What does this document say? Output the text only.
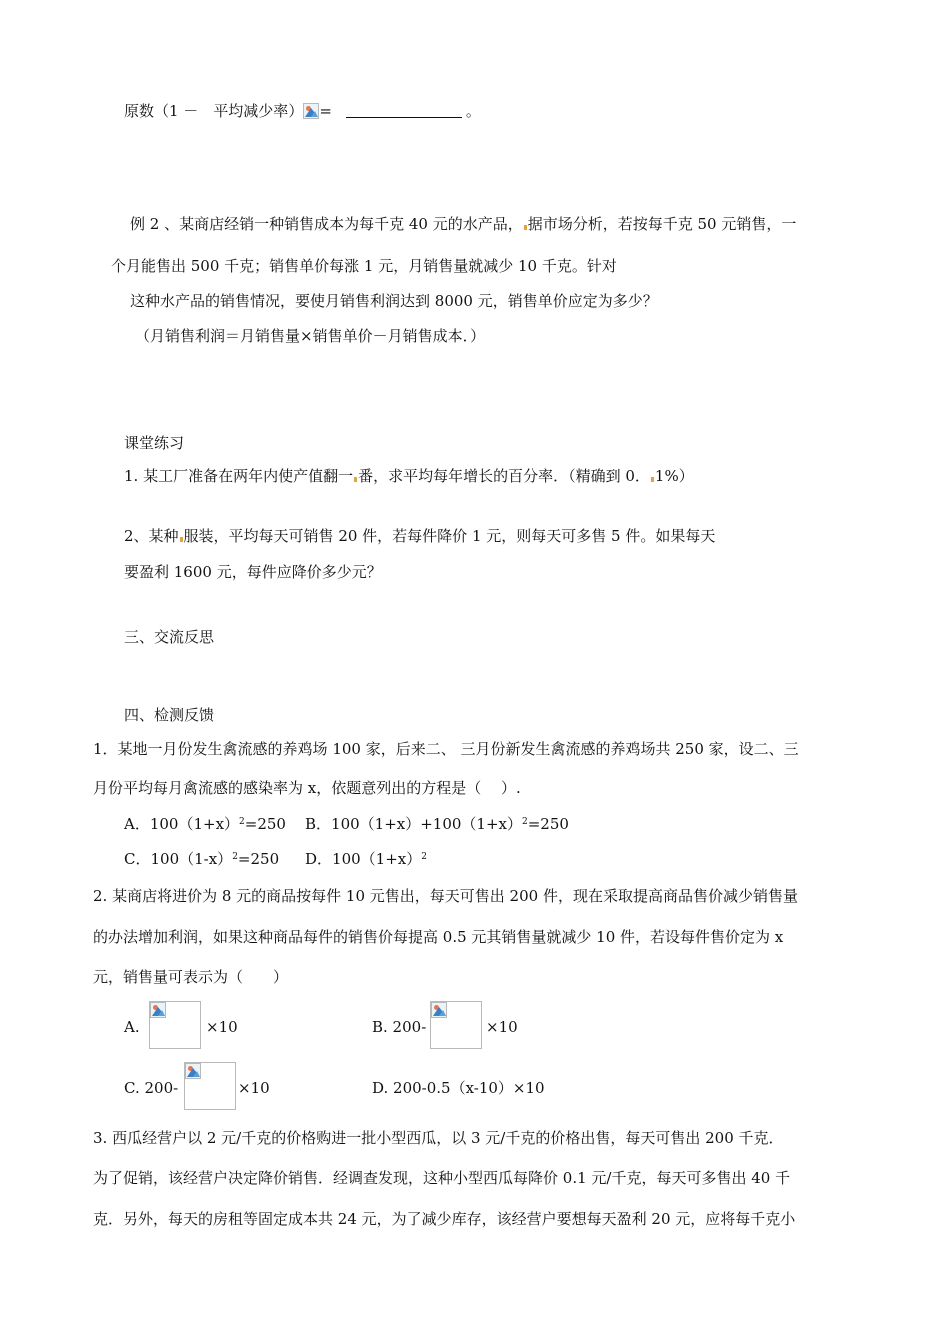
原数（1 －　平均减少率） =	。
例 2 、某商店经销一种销售成本为每千克 40 元的水产品， 据市场分析，若按每千克 50 元销售，一
个月能售出 500 千克；销售单价每涨 1 元，月销售量就减少 10 千克。针对
这种水产品的销售情况，要使月销售利润达到 8000 元，销售单价应定为多少？
（月销售利润＝月销售量×销售单价－月销售成本．）
课堂练习
1. 某工厂准备在两年内使产值翻一 番，求平均每年增长的百分率．（精确到 0． 1%）
2、某种 服装，平均每天可销售 20 件，若每件降价 1 元，则每天可多售 5 件。如果每天
要盈利 1600 元，每件应降价多少元？
三、交流反思
四、检测反馈
1．某地一月份发生禽流感的养鸡场 100 家，后来二、 三月份新发生禽流感的养鸡场共 250 家，设二、三
月份平均每月禽流感的感染率为 x，依题意列出的方程是（　 ）.
A．$100(1+x)^2=250$ B．$100(1+x)+100(1+x)^2=250$
C．$100(1-x)^2=250$ D．$100(1+x)^2$
2. 某商店将进价为 8 元的商品按每件 10 元售出，每天可售出 200 件，现在采取提高商品售价减少销售量
的办法增加利润，如果这种商品每件的销售价每提高 0.5 元其销售量就减少 10 件，若设每件售价定为 x
元，销售量可表示为（　　）
A.	×10	B. 200-	×10
C. 200-	×10	D. 200-0.5（x-10）×10
3. 西瓜经营户以 2 元/千克的价格购进一批小型西瓜，以 3 元/千克的价格出售，每天可售出 200 千克．
为了促销，该经营户决定降价销售．经调查发现，这种小型西瓜每降价 0.1 元/千克，每天可多售出 40 千
克．另外，每天的房租等固定成本共 24 元，为了减少库存，该经营户要想每天盈利 20 元，应将每千克小
